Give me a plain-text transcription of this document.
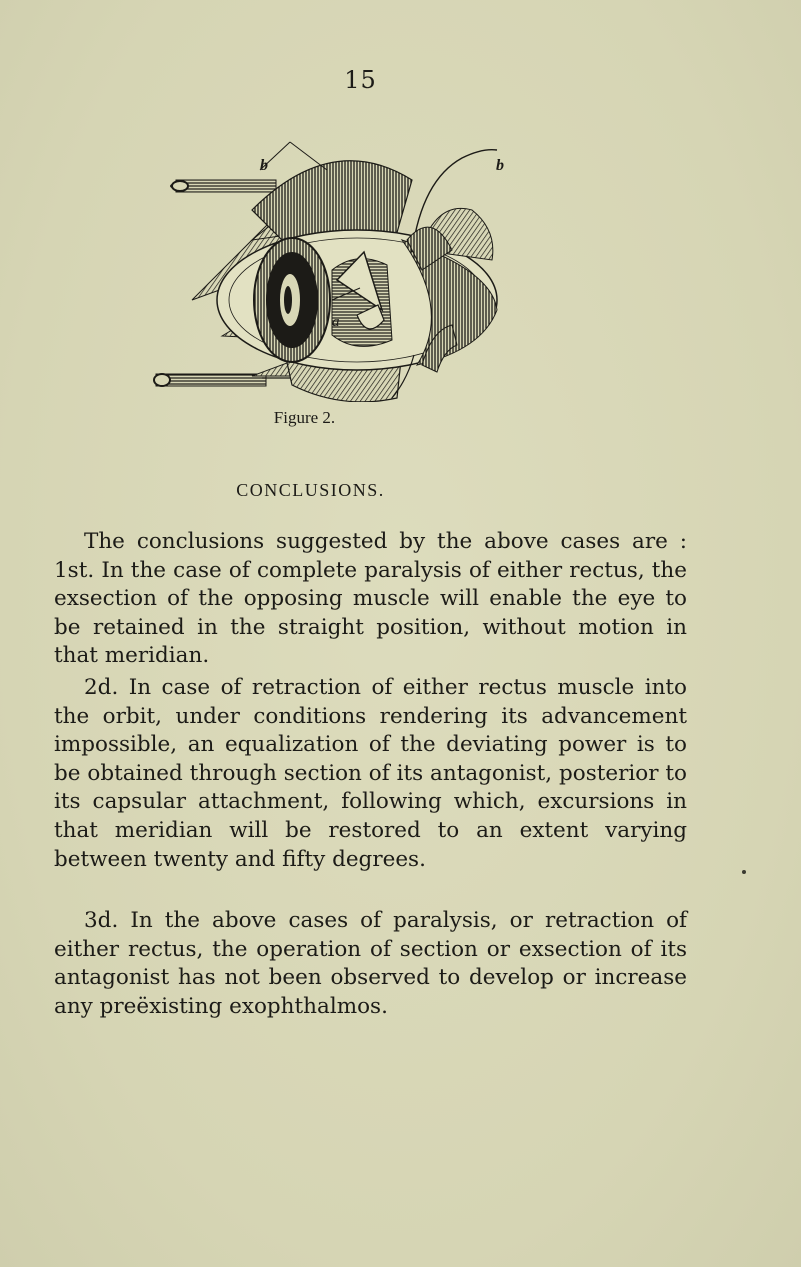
15
b	b
a
Figure 2.
CONCLUSIONS.

The conclusions suggested by the above cases are : 1st. In the case of complete paralysis of either rectus, the exsection of the opposing muscle will enable the eye to be retained in the straight position, without motion in that meridian.

2d. In case of retraction of either rectus muscle into the orbit, under conditions rendering its advancement impossible, an equalization of the deviating power is to be obtained through section of its antagonist, posterior to its capsular attachment, following which, excursions in that meridian will be restored to an extent varying between twenty and fifty degrees.

3d. In the above cases of paralysis, or retraction of either rectus, the operation of section or exsection of its antagonist has not been observed to develop or increase any preëxisting exophthalmos.
